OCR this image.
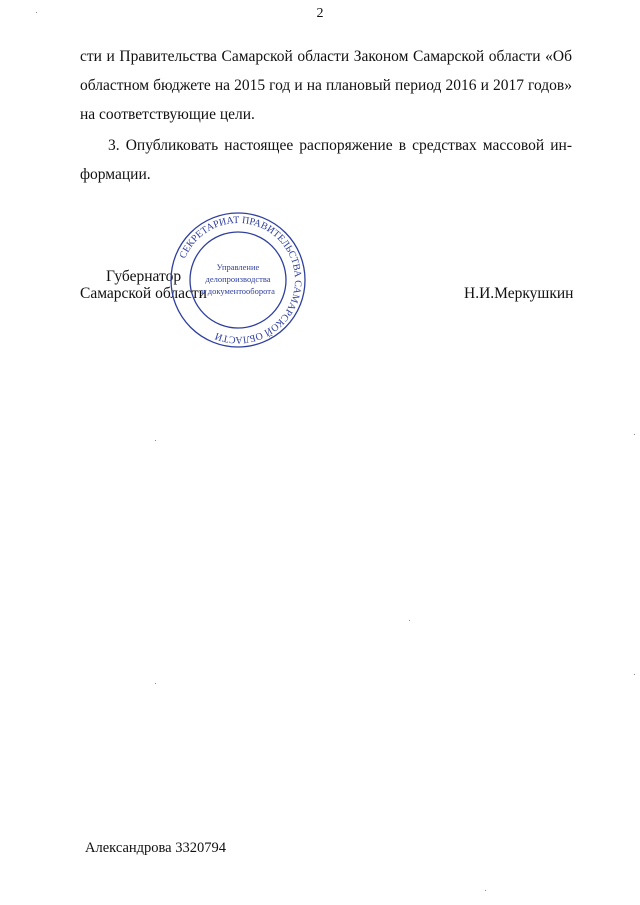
2
сти и Правительства Самарской области Законом Самарской области «Об
областном бюджете на 2015 год и на плановый период 2016 и 2017 годов»
на соответствующие цели.
3. Опубликовать настоящее распоряжение в средствах массовой ин-
формации.
Губернатор
Самарской области	Н.И.Меркушкин
СЕКРЕТАРИАТ ПРАВИТЕЛЬСТВА САМАРСКОЙ ОБЛАСТИ
Управление
делопроизводства
и документооборота
Александрова 3320794
